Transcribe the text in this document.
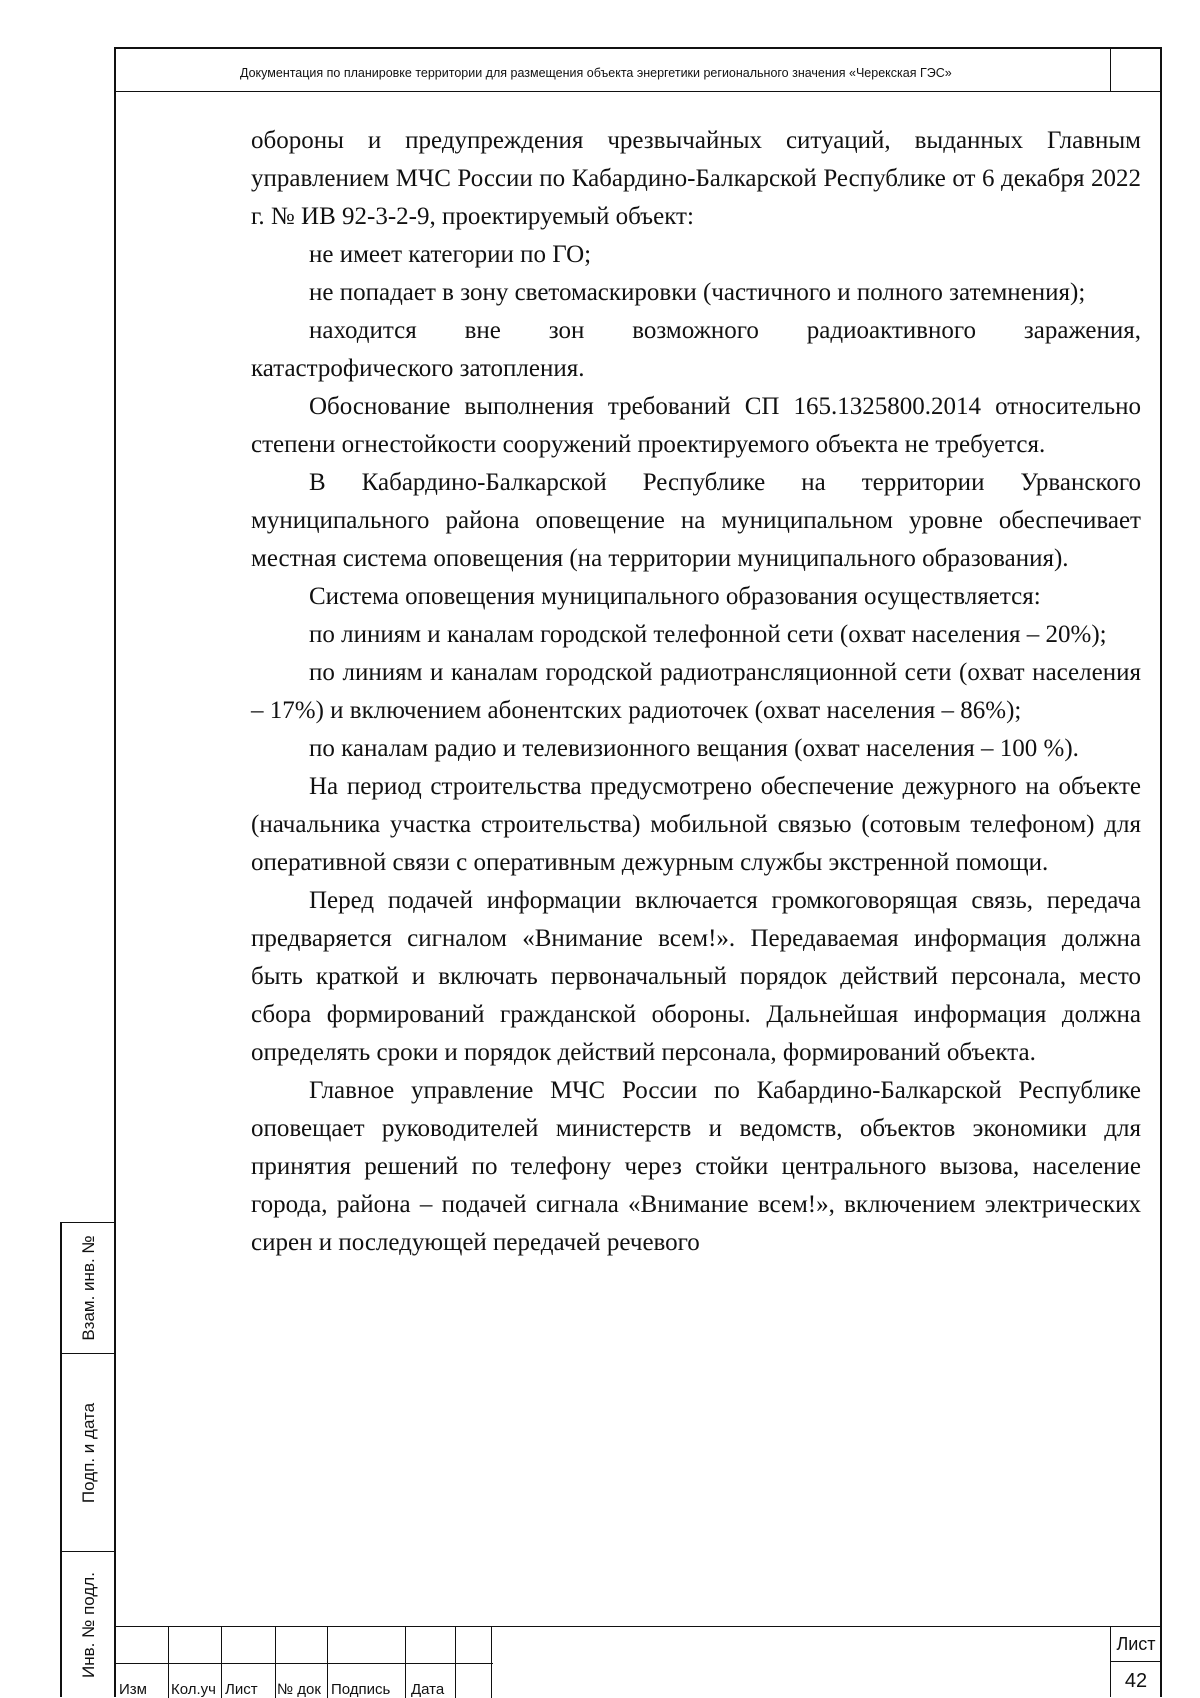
Документация по планировке территории для размещения объекта энергетики регионального значения «Черекская ГЭС»

обороны и предупреждения чрезвычайных ситуаций, выданных Главным управлением МЧС России по Кабардино-Балкарской Республике от 6 декабря 2022 г. № ИВ 92-3-2-9, проектируемый объект:

не имеет категории по ГО;

не попадает в зону светомаскировки (частичного и полного затемнения);

находится вне зон возможного радиоактивного заражения, катастрофического затопления.

Обоснование выполнения требований СП 165.1325800.2014 относительно степени огнестойкости сооружений проектируемого объекта не требуется.

В Кабардино-Балкарской Республике на территории Урванского муниципального района оповещение на муниципальном уровне обеспечивает местная система оповещения (на территории муниципального образования).

Система оповещения муниципального образования осуществляется:

по линиям и каналам городской телефонной сети (охват населения – 20%);

по линиям и каналам городской радиотрансляционной сети (охват населения – 17%) и включением абонентских радиоточек (охват населения – 86%);

по каналам радио и телевизионного вещания (охват населения – 100 %).

На период строительства предусмотрено обеспечение дежурного на объекте (начальника участка строительства) мобильной связью (сотовым телефоном) для оперативной связи с оперативным дежурным службы экстренной помощи.

Перед подачей информации включается громкоговорящая связь, передача предваряется сигналом «Внимание всем!». Передаваемая информация должна быть краткой и включать первоначальный порядок действий персонала, место сбора формирований гражданской обороны. Дальнейшая информация должна определять сроки и порядок действий персонала, формирований объекта.

Главное управление МЧС России по Кабардино-Балкарской Республике оповещает руководителей министерств и ведомств, объектов экономики для принятия решений по телефону через стойки центрального вызова, население города, района – подачей сигнала «Внимание всем!», включением электрических сирен и последующей передачей речевого

Взам. инв. №
Подп. и дата
Инв. № подл.
Изм	Кол.уч Лист	№ док Подпись	Дата
Лист
42
